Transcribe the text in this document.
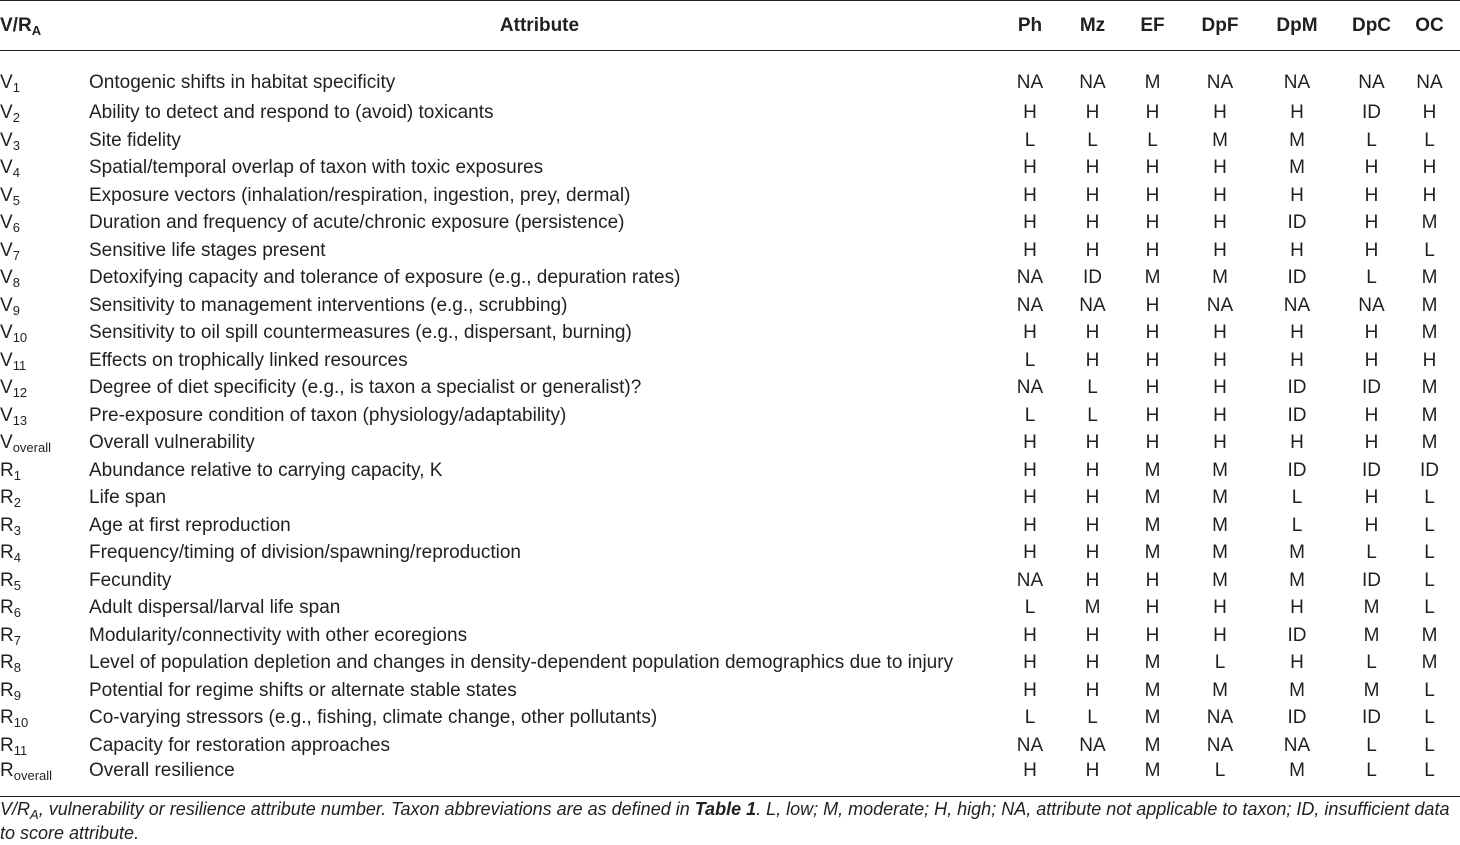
$V/R_A$	Attribute	Ph	Mz	EF	DpF	DpM	DpC	OC
$V_1$	Ontogenic shifts in habitat specificity	NA	NA	M	NA	NA	NA	NA
$V_2$	Ability to detect and respond to (avoid) toxicants	H	H	H	H	H	ID	H
$V_3$	Site fidelity	L	L	L	M	M	L	L
$V_4$	Spatial/temporal overlap of taxon with toxic exposures	H	H	H	H	M	H	H
$V_5$	Exposure vectors (inhalation/respiration, ingestion, prey, dermal)	H	H	H	H	H	H	H
$V_6$	Duration and frequency of acute/chronic exposure (persistence)	H	H	H	H	ID	H	M
$V_7$	Sensitive life stages present	H	H	H	H	H	H	L
$V_8$	Detoxifying capacity and tolerance of exposure (e.g., depuration rates)	NA	ID	M	M	ID	L	M
$V_9$	Sensitivity to management interventions (e.g., scrubbing)	NA	NA	H	NA	NA	NA	M
$V_{10}$	Sensitivity to oil spill countermeasures (e.g., dispersant, burning)	H	H	H	H	H	H	M
$V_{11}$	Effects on trophically linked resources	L	H	H	H	H	H	H
$V_{12}$	Degree of diet specificity (e.g., is taxon a specialist or generalist)?	NA	L	H	H	ID	ID	M
$V_{13}$	Pre-exposure condition of taxon (physiology/adaptability)	L	L	H	H	ID	H	M
$V_{overall}$	Overall vulnerability	H	H	H	H	H	H	M
$R_1$	Abundance relative to carrying capacity, K	H	H	M	M	ID	ID	ID
$R_2$	Life span	H	H	M	M	L	H	L
$R_3$	Age at first reproduction	H	H	M	M	L	H	L
$R_4$	Frequency/timing of division/spawning/reproduction	H	H	M	M	M	L	L
$R_5$	Fecundity	NA	H	H	M	M	ID	L
$R_6$	Adult dispersal/larval life span	L	M	H	H	H	M	L
$R_7$	Modularity/connectivity with other ecoregions	H	H	H	H	ID	M	M
$R_8$	Level of population depletion and changes in density-dependent population demographics due to injury	H	H	M	L	H	L	M
$R_9$	Potential for regime shifts or alternate stable states	H	H	M	M	M	M	L
$R_{10}$	Co-varying stressors (e.g., fishing, climate change, other pollutants)	L	L	M	NA	ID	ID	L
$R_{11}$	Capacity for restoration approaches	NA	NA	M	NA	NA	L	L
$R_{overall}$	Overall resilience	H	H	M	L	M	L	L
$V/R_A$, vulnerability or resilience attribute number. Taxon abbreviations are as defined in Table 1. L, low; M, moderate; H, high; NA, attribute not applicable to taxon; ID, insufficient data to score attribute.
